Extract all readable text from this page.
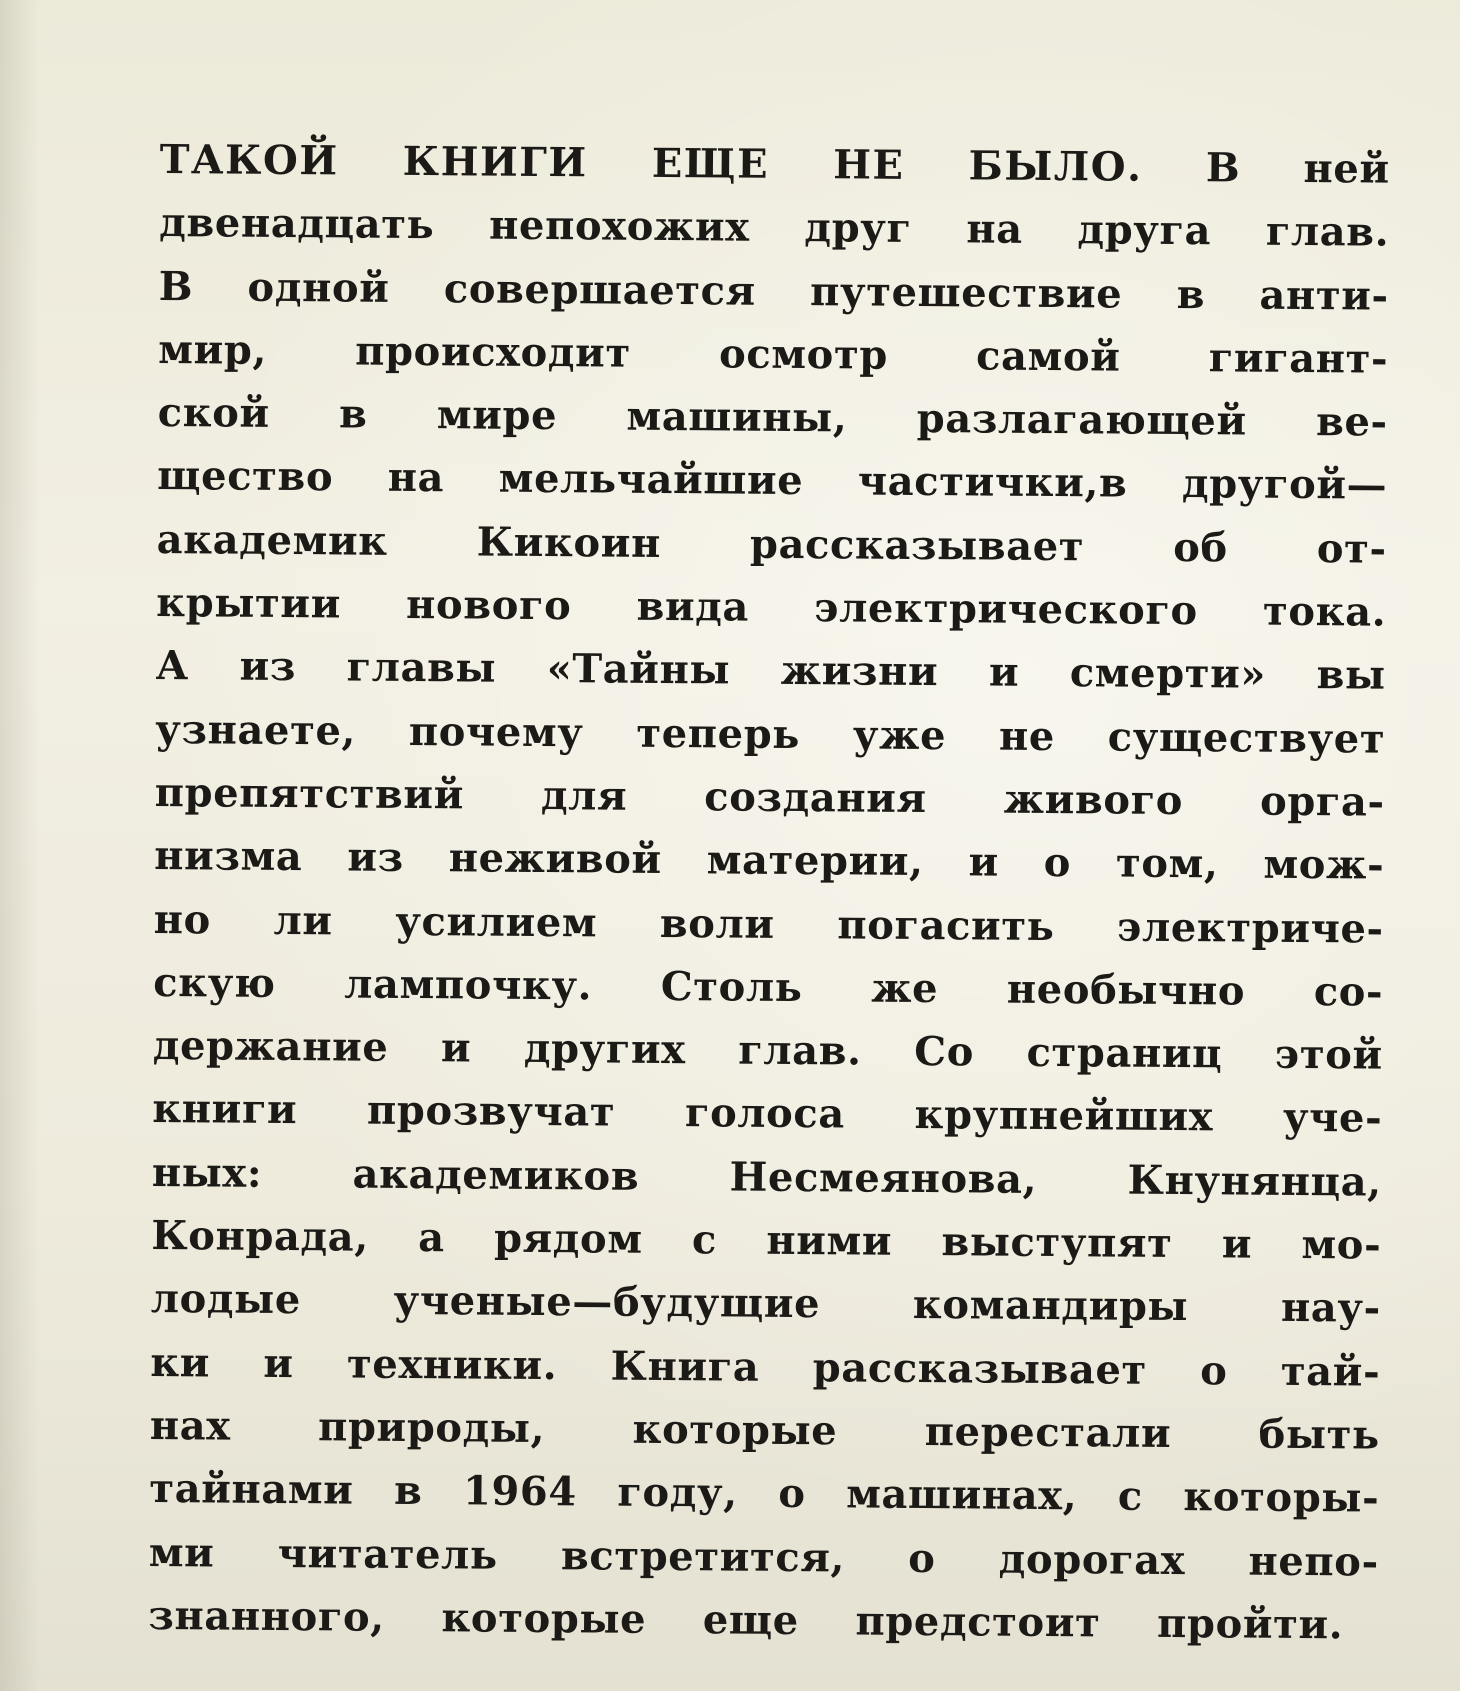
ТАКОЙ КНИГИ ЕЩЕ НЕ БЫЛО. В ней
двенадцать непохожих друг на друга глав.
В одной совершается путешествие в анти-
мир, происходит осмотр самой гигант-
ской в мире машины, разлагающей ве-
щество на мельчайшие частички,в другой—
академик Кикоин рассказывает об от-
крытии нового вида электрического тока.
А из главы «Тайны жизни и смерти» вы
узнаете, почему теперь уже не существует
препятствий для создания живого орга-
низма из неживой материи, и о том, мож-
но ли усилием воли погасить электриче-
скую лампочку. Столь же необычно со-
держание и других глав. Со страниц этой
книги прозвучат голоса крупнейших уче-
ных: академиков Несмеянова, Кнунянца,
Конрада, а рядом с ними выступят и мо-
лодые ученые—будущие командиры нау-
ки и техники. Книга рассказывает о тай-
нах природы, которые перестали быть
тайнами в 1964 году, о машинах, с которы-
ми читатель встретится, о дорогах непо-
знанного, которые еще предстоит пройти.
